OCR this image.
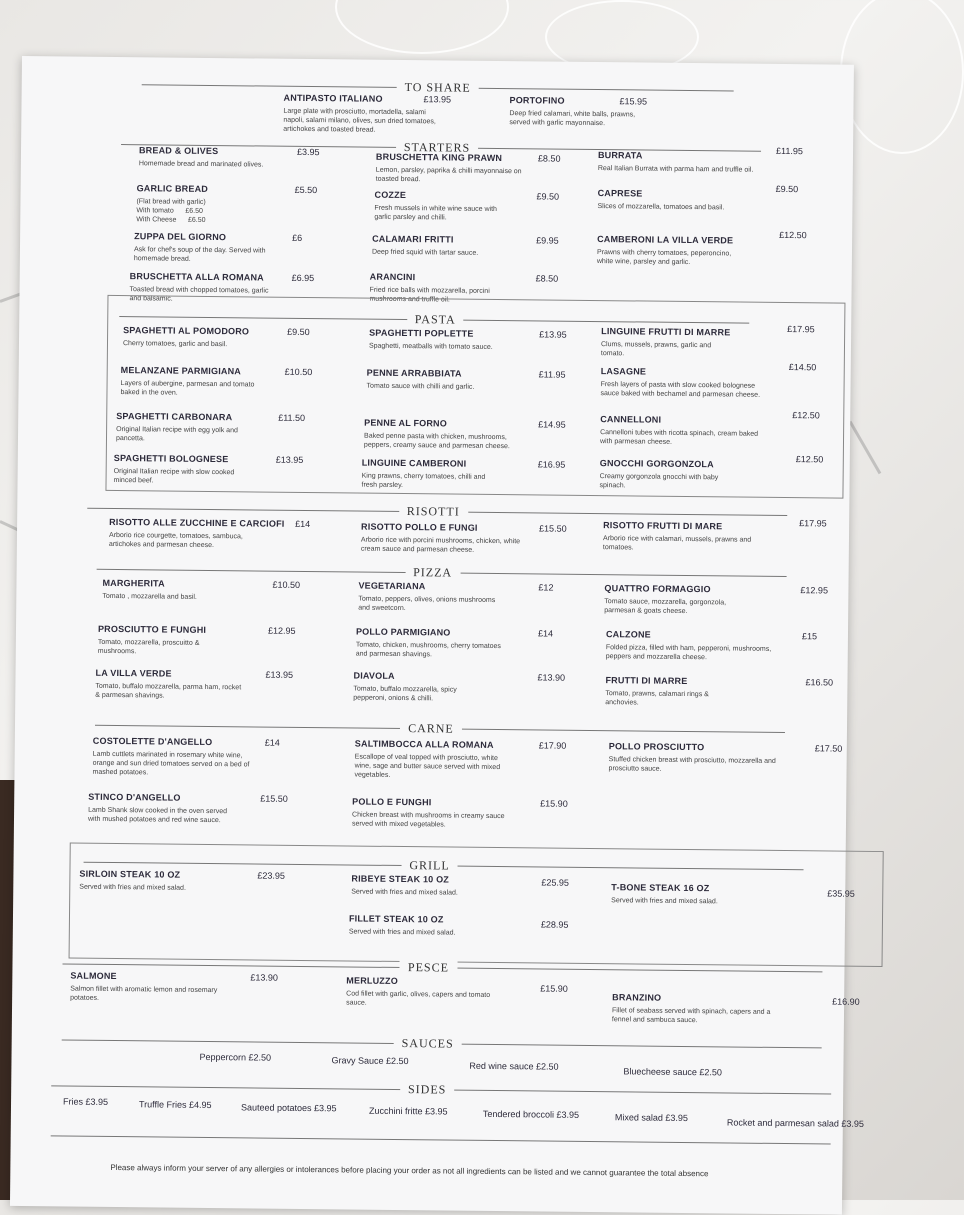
TO SHARE
ANTIPASTO ITALIANO	£13.95
Large plate with prosciutto, mortadella, salami napoli, salami milano, olives, sun dried tomatoes, artichokes and toasted bread.
PORTOFINO	£15.95
Deep fried calamari, white balls, prawns, served with garlic mayonnaise.
STARTERS
BREAD & OLIVES	£3.95
Homemade bread and marinated olives.
GARLIC BREAD	£5.50
(Flat bread with garlic)
With tomato £6.50
With Cheese £6.50
ZUPPA DEL GIORNO	£6
Ask for chef's soup of the day. Served with homemade bread.
BRUSCHETTA ALLA ROMANA	£6.95
Toasted bread with chopped tomatoes, garlic and balsamic.
BRUSCHETTA KING PRAWN	£8.50
Lemon, parsley, paprika & chilli mayonnaise on toasted bread.
COZZE	£9.50
Fresh mussels in white wine sauce with garlic parsley and chilli.
CALAMARI FRITTI	£9.95
Deep fried squid with tartar sauce.
ARANCINI	£8.50
Fried rice balls with mozzarella, porcini mushrooms and truffle oil.
BURRATA	£11.95
Real Italian Burrata with parma ham and truffle oil.
CAPRESE	£9.50
Slices of mozzarella, tomatoes and basil.
CAMBERONI LA VILLA VERDE	£12.50
Prawns with cherry tomatoes, peperoncino, white wine, parsley and garlic.
PASTA
SPAGHETTI AL POMODORO	£9.50
Cherry tomatoes, garlic and basil.
MELANZANE PARMIGIANA	£10.50
Layers of aubergine, parmesan and tomato baked in the oven.
SPAGHETTI CARBONARA	£11.50
Original Italian recipe with egg yolk and pancetta.
SPAGHETTI BOLOGNESE	£13.95
Original Italian recipe with slow cooked minced beef.
SPAGHETTI POPLETTE	£13.95
Spaghetti, meatballs with tomato sauce.
PENNE ARRABBIATA	£11.95
Tomato sauce with chilli and garlic.
PENNE AL FORNO	£14.95
Baked penne pasta with chicken, mushrooms, peppers, creamy sauce and parmesan cheese.
LINGUINE CAMBERONI	£16.95
King prawns, cherry tomatoes, chilli and fresh parsley.
LINGUINE FRUTTI DI MARRE	£17.95
Clums, mussels, prawns, garlic and tomato.
LASAGNE	£14.50
Fresh layers of pasta with slow cooked bolognese sauce baked with bechamel and parmesan cheese.
CANNELLONI	£12.50
Cannelloni tubes with ricotta spinach, cream baked with parmesan cheese.
GNOCCHI GORGONZOLA	£12.50
Creamy gorgonzola gnocchi with baby spinach.
RISOTTI
RISOTTO ALLE ZUCCHINE E CARCIOFI	£14
Arborio rice courgette, tomatoes, sambuca, artichokes and parmesan cheese.
RISOTTO POLLO E FUNGI	£15.50
Arborio rice with porcini mushrooms, chicken, white cream sauce and parmesan cheese.
RISOTTO FRUTTI DI MARE	£17.95
Arborio rice with calamari, mussels, prawns and tomatoes.
PIZZA
MARGHERITA	£10.50
Tomato , mozzarella and basil.
PROSCIUTTO E FUNGHI	£12.95
Tomato, mozzarella, proscuitto & mushrooms.
LA VILLA VERDE	£13.95
Tomato, buffalo mozzarella, parma ham, rocket & parmesan shavings.
VEGETARIANA	£12
Tomato, peppers, olives, onions mushrooms and sweetcorn.
POLLO PARMIGIANO	£14
Tomato, chicken, mushrooms, cherry tomatoes and parmesan shavings.
DIAVOLA	£13.90
Tomato, buffalo mozzarella, spicy pepperoni, onions & chilli.
QUATTRO FORMAGGIO	£12.95
Tomato sauce, mozzarella, gorgonzola, parmesan & goats cheese.
CALZONE	£15
Folded pizza, filled with ham, pepperoni, mushrooms, peppers and mozzarella cheese.
FRUTTI DI MARRE	£16.50
Tomato, prawns, calamari rings & anchovies.
CARNE
COSTOLETTE D'ANGELLO	£14
Lamb cuttlets marinated in rosemary white wine, orange and sun dried tomatoes served on a bed of mashed potatoes.
STINCO D'ANGELLO	£15.50
Lamb Shank slow cooked in the oven served with mushed potatoes and red wine sauce.
SALTIMBOCCA ALLA ROMANA	£17.90
Escallope of veal topped with prosciutto, white wine, sage and butter sauce served with mixed vegetables.
POLLO E FUNGHI	£15.90
Chicken breast with mushrooms in creamy sauce served with mixed vegetables.
POLLO PROSCIUTTO	£17.50
Stuffed chicken breast with prosciutto, mozzarella and prosciutto sauce.
GRILL
SIRLOIN STEAK 10 OZ	£23.95
Served with fries and mixed salad.
RIBEYE STEAK 10 OZ	£25.95
Served with fries and mixed salad.
FILLET STEAK 10 OZ
£28.95
Served with fries and mixed salad.
T-BONE STEAK 16 OZ
£35.95
Served with fries and mixed salad.
PESCE
SALMONE	£13.90
Salmon fillet with aromatic lemon and rosemary potatoes.
MERLUZZO
£15.90
Cod fillet with garlic, olives, capers and tomato sauce.
BRANZINO	£16.90
Fillet of seabass served with spinach, capers and a fennel and sambuca sauce.
SAUCES
Peppercorn £2.50	Gravy Sauce £2.50
Red wine sauce £2.50
Bluecheese sauce £2.50
SIDES
Fries £3.95	Truffle Fries £4.95	Sauteed potatoes £3.95	Zucchini fritte £3.95	Tendered broccoli £3.95	Mixed salad £3.95	Rocket and parmesan salad £3.95
Please always inform your server of any allergies or intolerances before placing your order as not all ingredients can be listed and we cannot guarantee the total absence
